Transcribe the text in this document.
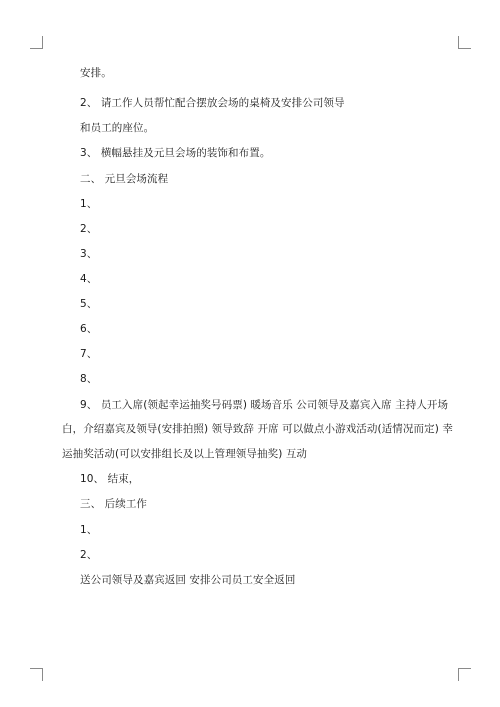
安排。
2、 请工作人员帮忙配合摆放会场的桌椅及安排公司领导
和员工的座位。
3、 横幅悬挂及元旦会场的装饰和布置。
二、 元旦会场流程
1、
2、
3、
4、
5、
6、
7、
8、
9、 员工入席(领起幸运抽奖号码票) 暖场音乐 公司领导及嘉宾入席 主持人开场
白，介绍嘉宾及领导(安排拍照) 领导致辞 开席 可以做点小游戏活动(适情况而定) 幸
运抽奖活动(可以安排组长及以上管理领导抽奖) 互动
10、 结束，
三、 后续工作
1、
2、
送公司领导及嘉宾返回 安排公司员工安全返回
